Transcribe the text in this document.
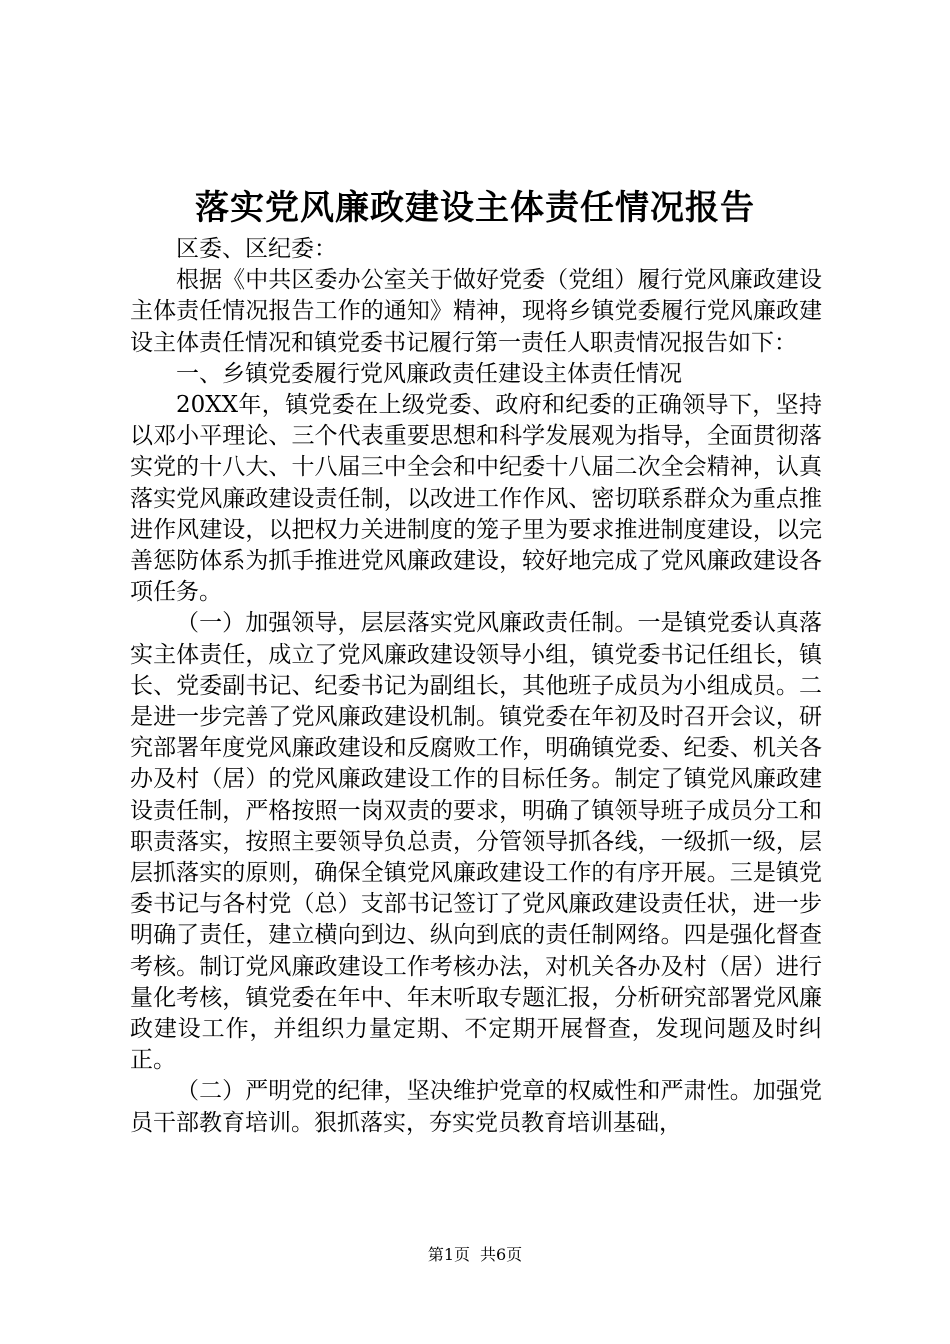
落实党风廉政建设主体责任情况报告

区委、区纪委：

根据《中共区委办公室关于做好党委（党组）履行党风廉政建设主体责任情况报告工作的通知》精神，现将乡镇党委履行党风廉政建设主体责任情况和镇党委书记履行第一责任人职责情况报告如下：

一、乡镇党委履行党风廉政责任建设主体责任情况

20XX年，镇党委在上级党委、政府和纪委的正确领导下，坚持以邓小平理论、三个代表重要思想和科学发展观为指导，全面贯彻落实党的十八大、十八届三中全会和中纪委十八届二次全会精神，认真落实党风廉政建设责任制，以改进工作作风、密切联系群众为重点推进作风建设，以把权力关进制度的笼子里为要求推进制度建设，以完善惩防体系为抓手推进党风廉政建设，较好地完成了党风廉政建设各项任务。

（一）加强领导，层层落实党风廉政责任制。一是镇党委认真落实主体责任，成立了党风廉政建设领导小组，镇党委书记任组长，镇长、党委副书记、纪委书记为副组长，其他班子成员为小组成员。二是进一步完善了党风廉政建设机制。镇党委在年初及时召开会议，研究部署年度党风廉政建设和反腐败工作，明确镇党委、纪委、机关各办及村（居）的党风廉政建设工作的目标任务。制定了镇党风廉政建设责任制，严格按照一岗双责的要求，明确了镇领导班子成员分工和职责落实，按照主要领导负总责，分管领导抓各线，一级抓一级，层层抓落实的原则，确保全镇党风廉政建设工作的有序开展。三是镇党委书记与各村党（总）支部书记签订了党风廉政建设责任状，进一步明确了责任，建立横向到边、纵向到底的责任制网络。四是强化督查考核。制订党风廉政建设工作考核办法，对机关各办及村（居）进行量化考核，镇党委在年中、年末听取专题汇报，分析研究部署党风廉政建设工作，并组织力量定期、不定期开展督查，发现问题及时纠正。

（二）严明党的纪律，坚决维护党章的权威性和严肃性。加强党员干部教育培训。狠抓落实，夯实党员教育培训基础，

第1页 共6页
